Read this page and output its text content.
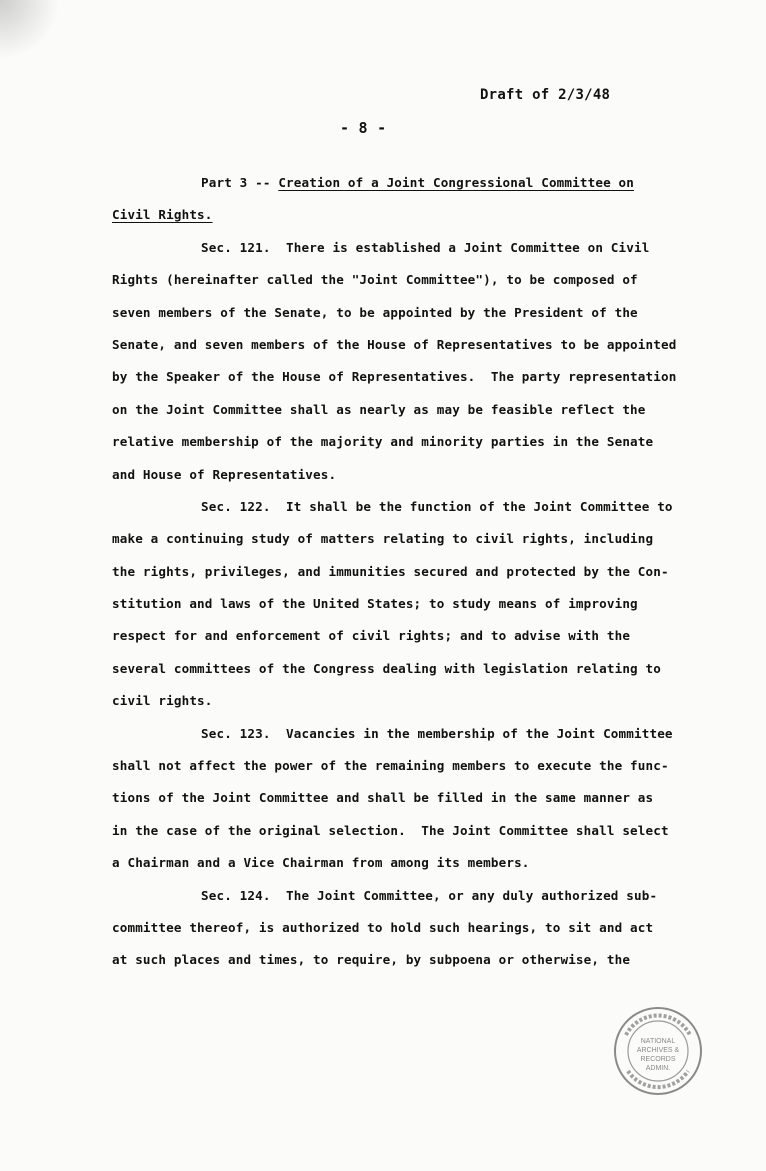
Draft of 2/3/48
- 8 -
Part 3 -- Creation of a Joint Congressional Committee on
Civil Rights.
Sec. 121.  There is established a Joint Committee on Civil
Rights (hereinafter called the "Joint Committee"), to be composed of
seven members of the Senate, to be appointed by the President of the
Senate, and seven members of the House of Representatives to be appointed
by the Speaker of the House of Representatives.  The party representation
on the Joint Committee shall as nearly as may be feasible reflect the
relative membership of the majority and minority parties in the Senate
and House of Representatives.
Sec. 122.  It shall be the function of the Joint Committee to
make a continuing study of matters relating to civil rights, including
the rights, privileges, and immunities secured and protected by the Con-
stitution and laws of the United States; to study means of improving
respect for and enforcement of civil rights; and to advise with the
several committees of the Congress dealing with legislation relating to
civil rights.
Sec. 123.  Vacancies in the membership of the Joint Committee
shall not affect the power of the remaining members to execute the func-
tions of the Joint Committee and shall be filled in the same manner as
in the case of the original selection.  The Joint Committee shall select
a Chairman and a Vice Chairman from among its members.
Sec. 124.  The Joint Committee, or any duly authorized sub-
committee thereof, is authorized to hold such hearings, to sit and act
at such places and times, to require, by subpoena or otherwise, the
NATIONAL
ARCHIVES &
RECORDS
ADMIN.
